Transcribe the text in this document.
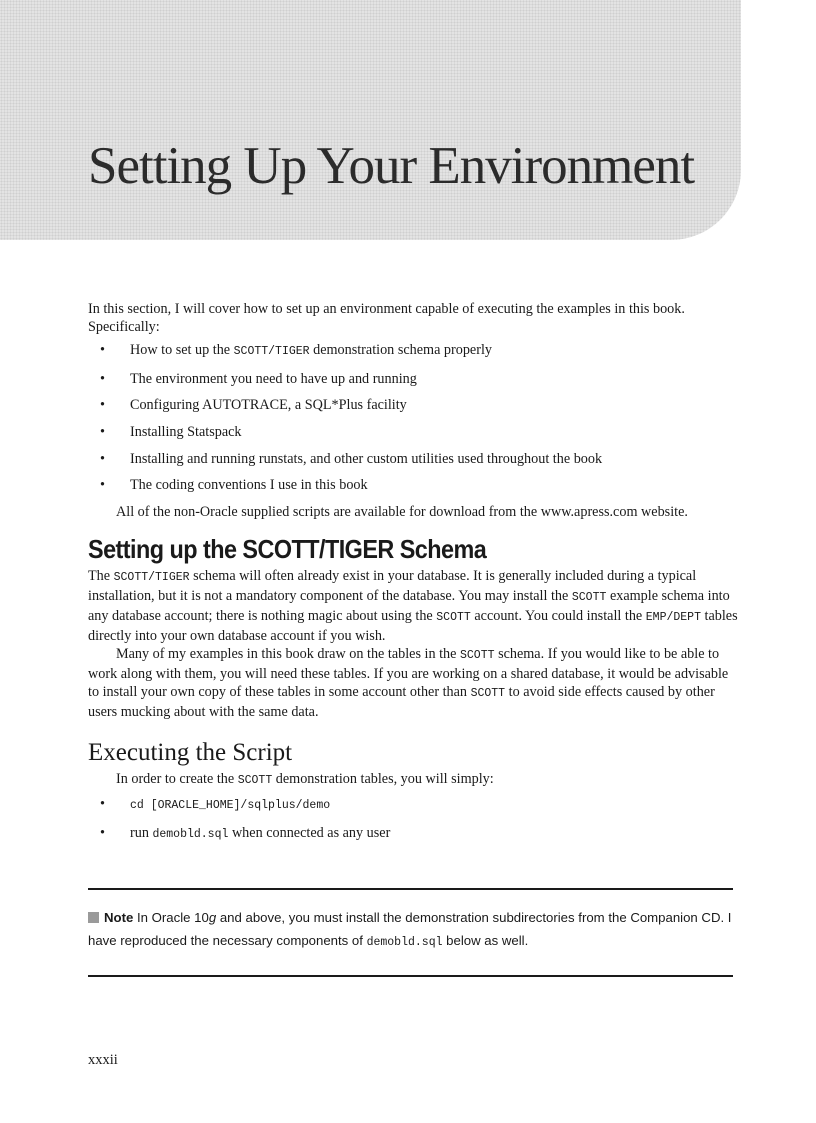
Setting Up Your Environment

In this section, I will cover how to set up an environment capable of executing the examples in this book. Specifically:

• How to set up the SCOTT/TIGER demonstration schema properly
• The environment you need to have up and running
• Configuring AUTOTRACE, a SQL*Plus facility
• Installing Statspack
• Installing and running runstats, and other custom utilities used throughout the book
• The coding conventions I use in this book

All of the non-Oracle supplied scripts are available for download from the www.apress.com website.

Setting up the SCOTT/TIGER Schema

The SCOTT/TIGER schema will often already exist in your database. It is generally included during a typical installation, but it is not a mandatory component of the database. You may install the SCOTT example schema into any database account; there is nothing magic about using the SCOTT account. You could install the EMP/DEPT tables directly into your own database account if you wish.

Many of my examples in this book draw on the tables in the SCOTT schema. If you would like to be able to work along with them, you will need these tables. If you are working on a shared database, it would be advisable to install your own copy of these tables in some account other than SCOTT to avoid side effects caused by other users mucking about with the same data.

Executing the Script

In order to create the SCOTT demonstration tables, you will simply:

• cd [ORACLE_HOME]/sqlplus/demo
• run demobld.sql when connected as any user
Note In Oracle 10g and above, you must install the demonstration subdirectories from the Companion CD. I have reproduced the necessary components of demobld.sql below as well.
xxxii
